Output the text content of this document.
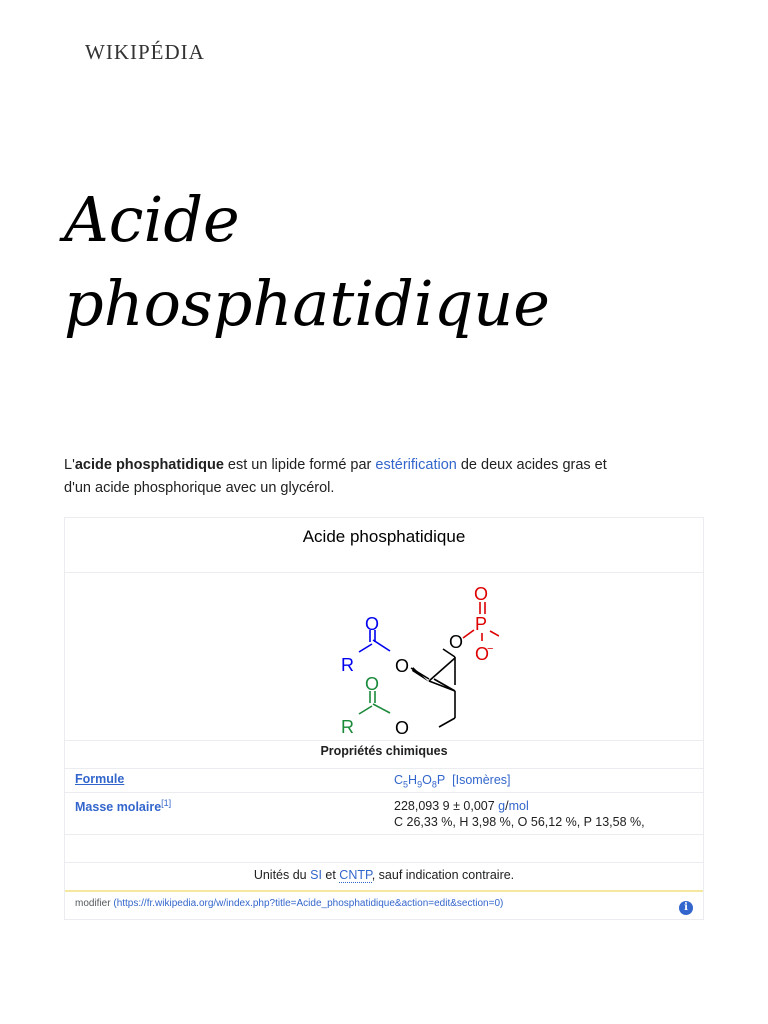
WIKIPÉDIA
Acide
phosphatidique

L'acide phosphatidique est un lipide formé par estérification de deux acides gras et d'un acide phosphorique avec un glycérol.

Acide phosphatidique
O
R O
O
O
P
O
−
O
R O
Propriétés chimiques
Formule	$C_5H_9O_8P$ [Isomères]
Masse molaire[1]	228,093 9 ± 0,007 g/mol
C 26,33 %, H 3,98 %, O 56,12 %, P 13,58 %,
Unités du SI et CNTP, sauf indication contraire.
modifier (https://fr.wikipedia.org/w/index.php?title=Acide_phosphatidique&action=edit&section=0)	i
